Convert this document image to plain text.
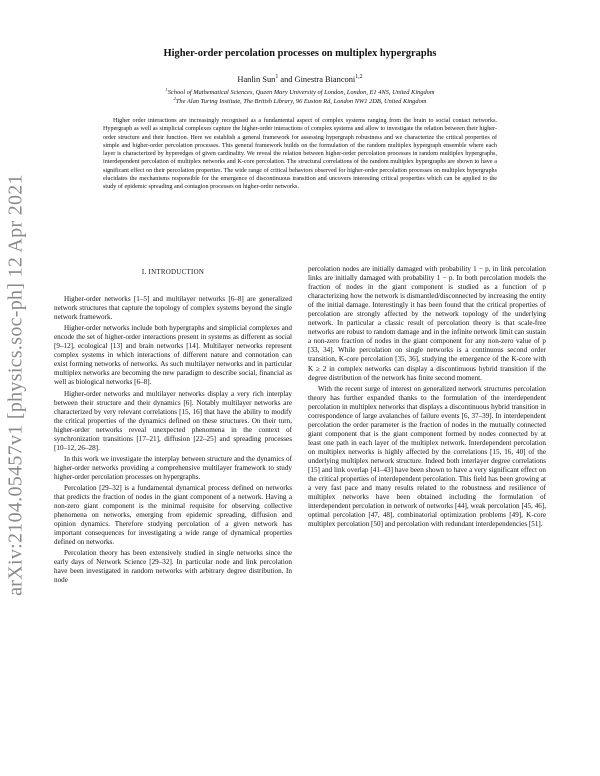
arXiv:2104.05457v1 [physics.soc-ph] 12 Apr 2021
Higher-order percolation processes on multiplex hypergraphs
Hanlin Sun$^1$ and Ginestra Bianconi$^{1,2}$
$^1$School of Mathematical Sciences, Queen Mary University of London, London, E1 4NS, United Kingdom
$^2$The Alan Turing Institute, The British Library, 96 Euston Rd, London NW1 2DB, United Kingdom

Higher order interactions are increasingly recognised as a fundamental aspect of complex systems ranging from the brain to social contact networks. Hypergraph as well as simplicial complexes capture the higher-order interactions of complex systems and allow to investigate the relation between their higher-order structure and their function. Here we establish a general framework for assessing hypergraph robustness and we characterize the critical properties of simple and higher-order percolation processes. This general framework builds on the formulation of the random multiplex hypergraph ensemble where each layer is characterized by hyperedges of given cardinality. We reveal the relation between higher-order percolation processes in random multiplex hypergraphs, interdependent percolation of multiplex networks and K-core percolation. The structural correlations of the random multiplex hypergraphs are shown to have a significant effect on their percolation properties. The wide range of critical behaviors observed for higher-order percolation processes on multiplex hypergraphs elucidates the mechanisms responsible for the emergence of discontinuous transition and uncovers interesting critical properties which can be applied to the study of epidemic spreading and contagion processes on higher-order networks.

I. INTRODUCTION

Higher-order networks [1–5] and multilayer networks [6–8] are generalized network structures that capture the topology of complex systems beyond the single network framework.

Higher-order networks include both hypergraphs and simplicial complexes and encode the set of higher-order interactions present in systems as different as social [9–12], ecological [13] and brain networks [14]. Multilayer networks represent complex systems in which interactions of different nature and connotation can exist forming networks of networks. As such multilayer networks and in particular multiplex networks are becoming the new paradigm to describe social, financial as well as biological networks [6–8].

Higher-order networks and multilayer networks display a very rich interplay between their structure and their dynamics [6]. Notably multilayer networks are characterized by very relevant correlations [15, 16] that have the ability to modify the critical properties of the dynamics defined on these structures. On their turn, higher-order networks reveal unexpected phenomena in the context of synchronization transitions [17–21], diffusion [22–25] and spreading processes [10–12, 26–28].

In this work we investigate the interplay between structure and the dynamics of higher-order networks providing a comprehensive multilayer framework to study higher-order percolation processes on hypergraphs.

Percolation [29–32] is a fundamental dynamical process defined on networks that predicts the fraction of nodes in the giant component of a network. Having a non-zero giant component is the minimal requisite for observing collective phenomena on networks, emerging from epidemic spreading, diffusion and opinion dynamics. Therefore studying percolation of a given network has important consequences for investigating a wide range of dynamical properties defined on networks.

Percolation theory has been extensively studied in single networks since the early days of Network Science [29–32]. In particular node and link percolation have been investigated in random networks with arbitrary degree distribution. In node

percolation nodes are initially damaged with probability 1 − p, in link percolation links are initially damaged with probability 1 − p. In both percolation models the fraction of nodes in the giant component is studied as a function of p characterizing how the network is dismantled/disconnected by increasing the entity of the initial damage. Interestingly it has been found that the critical properties of percolation are strongly affected by the network topology of the underlying network. In particular a classic result of percolation theory is that scale-free networks are robust to random damage and in the infinite network limit can sustain a non-zero fraction of nodes in the giant component for any non-zero value of p [33, 34]. While percolation on single networks is a continuous second order transition, K-core percolation [35, 36], studying the emergence of the K-core with K ≥ 2 in complex networks can display a discontinuous hybrid transition if the degree distribution of the network has finite second moment.

With the recent surge of interest on generalized network structures percolation theory has further expanded thanks to the formulation of the interdependent percolation in multiplex networks that displays a discontinuous hybrid transition in correspondence of large avalanches of failure events [6, 37–39]. In interdependent percolation the order parameter is the fraction of nodes in the mutually connected giant component that is the giant component formed by nodes connected by at least one path in each layer of the multiplex network. Interdependent percolation on multiplex networks is highly affected by the correlations [15, 16, 40] of the underlying multiplex network structure. Indeed both interlayer degree correlations [15] and link overlap [41–43] have been shown to have a very significant effect on the critical properties of interdependent percolation. This field has been growing at a very fast pace and many results related to the robustness and resilience of multiplex networks have been obtained including the formulation of interdependent percolation in network of networks [44], weak percolation [45, 46], optimal percolation [47, 48], combinatorial optimization problems [49], K-core multiplex percolation [50] and percolation with redundant interdependencies [51].
